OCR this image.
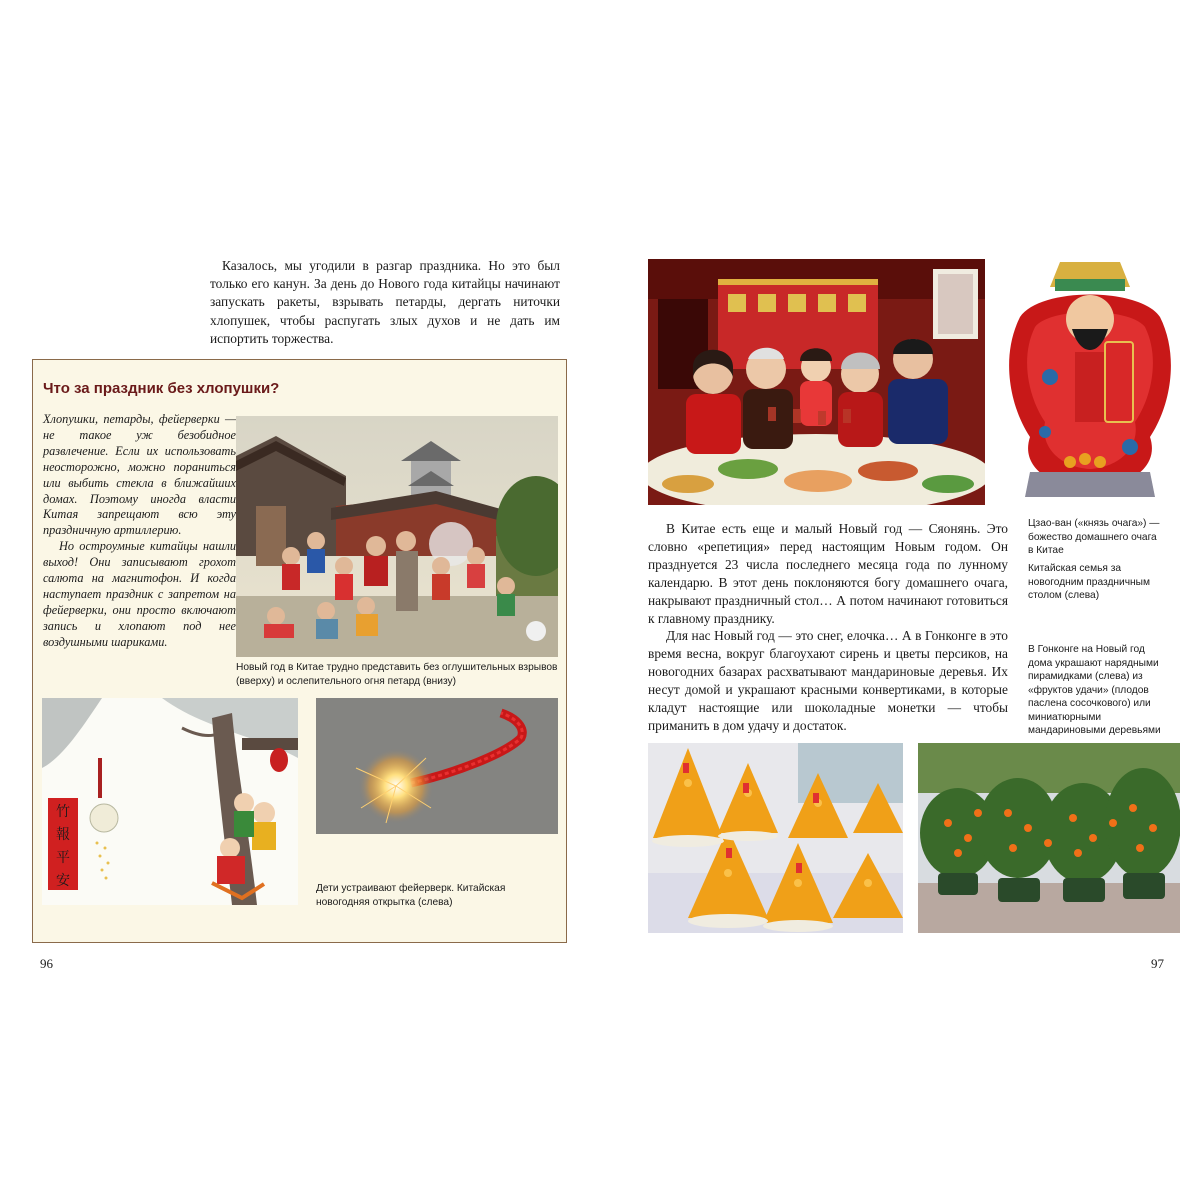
Казалось, мы угодили в разгар праздника. Но это был только его канун. За день до Нового года китайцы начинают запускать ракеты, взрывать петарды, дергать ниточки хлопушек, чтобы распугать злых духов и не дать им испортить торжества.

Что за праздник без хлопушки?

Хлопушки, петарды, фейерверки — не такое уж безобидное развлечение. Если их использовать неосторожно, можно пораниться или выбить стекла в ближайших домах. Поэтому иногда власти Китая запрещают всю эту праздничную артиллерию.

Но остроумные китайцы нашли выход! Они записывают грохот салюта на магнитофон. И когда наступает праздник с запретом на фейерверки, они просто включают запись и хлопают под нее воздушными шариками.

Новый год в Китае трудно представить без оглушительных взрывов (вверху) и ослепительного огня петард (внизу)
竹
報
平
安	Дети устраивают фейерверк. Китайская новогодняя открытка (слева)
96
Цзао-ван («князь очага») — божество домашнего очага в Китае
Китайская семья за новогодним праздничным столом (слева)
В Гонконге на Новый год дома украшают нарядными пирамидками (слева) из «фруктов удачи» (плодов паслена сосочкового) или миниатюрными мандариновыми деревьями

В Китае есть еще и малый Новый год — Сяонянь. Это словно «репетиция» перед настоящим Новым годом. Он празднуется 23 числа последнего месяца года по лунному календарю. В этот день поклоняются богу домашнего очага, накрывают праздничный стол… А потом начинают готовиться к главному празднику.

Для нас Новый год — это снег, елочка… А в Гонконге в это время весна, вокруг благоухают сирень и цветы персиков, на новогодних базарах расхватывают мандариновые деревья. Их несут домой и украшают красными конвертиками, в которые кладут настоящие или шоколадные монетки — чтобы приманить в дом удачу и достаток.

97
